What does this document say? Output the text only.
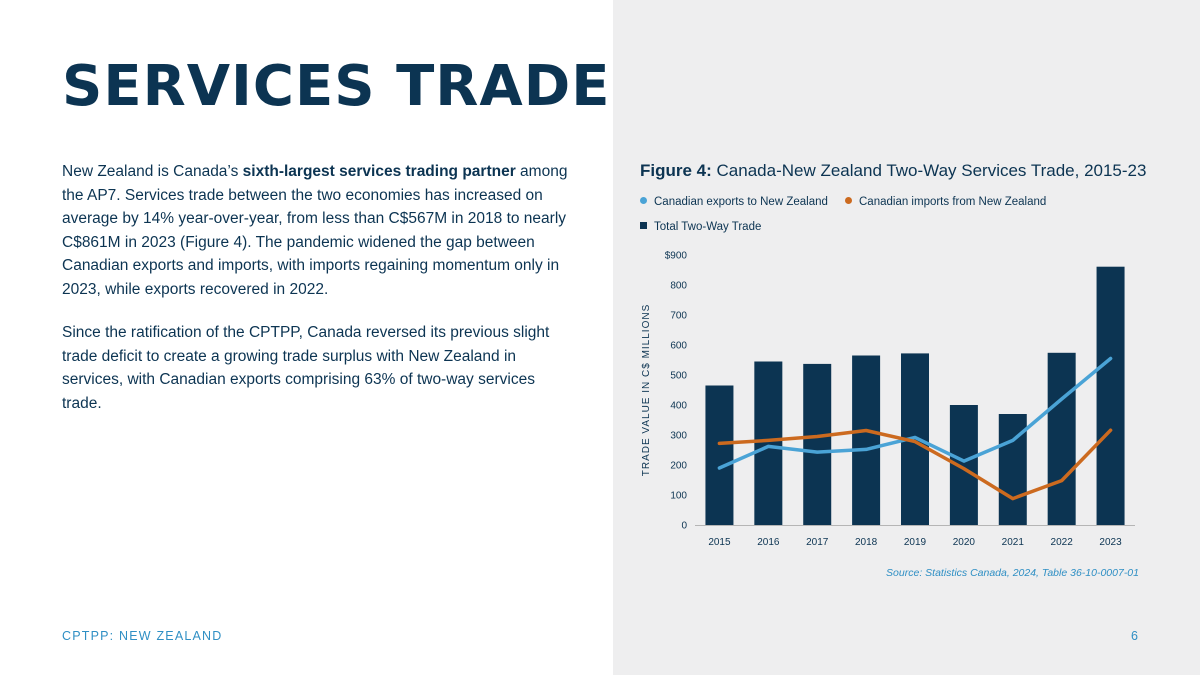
SERVICES TRADE

New Zealand is Canada’s sixth-largest services trading partner among the AP7. Services trade between the two economies has increased on average by 14% year-over-year, from less than C$567M in 2018 to nearly C$861M in 2023 (Figure 4). The pandemic widened the gap between Canadian exports and imports, with imports regaining momentum only in 2023, while exports recovered in 2022.

Since the ratification of the CPTPP, Canada reversed its previous slight trade deficit to create a growing trade surplus with New Zealand in services, with Canadian exports comprising 63% of two-way services trade.

CPTPP: NEW ZEALAND	6
Figure 4: Canada-New Zealand Two-Way Services Trade, 2015-23
Canadian exports to New Zealand	Canadian imports from New Zealand
Total Two-Way Trade
0
100
200
300
400
500
600
700
800
$900
TRADE VALUE IN C$ MILLIONS
2015	2016	2017	2018	2019	2020	2021	2022	2023
Source: Statistics Canada, 2024, Table 36-10-0007-01
